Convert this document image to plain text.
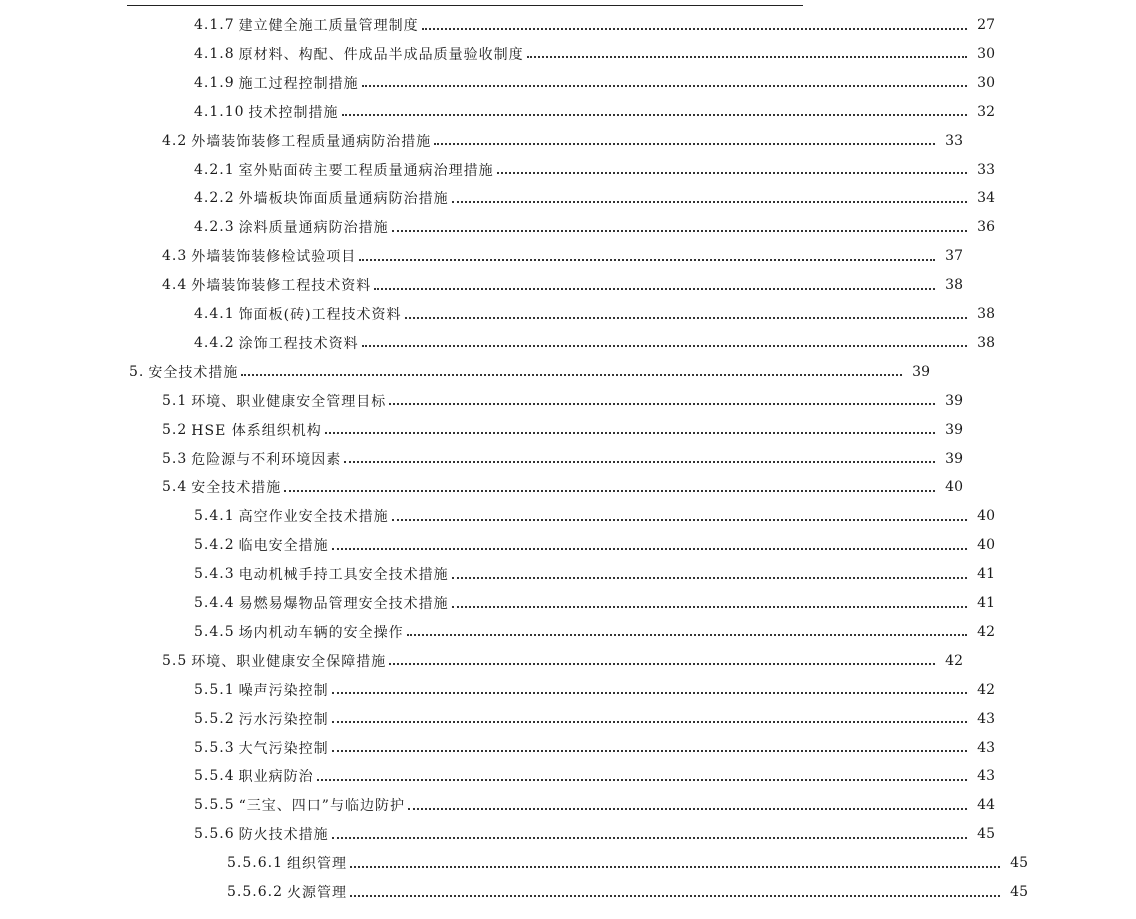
4.1.7 建立健全施工质量管理制度	27
4.1.8 原材料、构配、件成品半成品质量验收制度	30
4.1.9 施工过程控制措施	30
4.1.10 技术控制措施	32
4.2 外墙装饰装修工程质量通病防治措施	33
4.2.1 室外贴面砖主要工程质量通病治理措施	33
4.2.2 外墙板块饰面质量通病防治措施	34
4.2.3 涂料质量通病防治措施	36
4.3 外墙装饰装修检试验项目	37
4.4 外墙装饰装修工程技术资料	38
4.4.1 饰面板(砖)工程技术资料	38
4.4.2 涂饰工程技术资料	38
5. 安全技术措施	39
5.1 环境、职业健康安全管理目标	39
5.2 HSE 体系组织机构	39
5.3 危险源与不利环境因素	39
5.4 安全技术措施	40
5.4.1 高空作业安全技术措施	40
5.4.2 临电安全措施	40
5.4.3 电动机械手持工具安全技术措施	41
5.4.4 易燃易爆物品管理安全技术措施	41
5.4.5 场内机动车辆的安全操作	42
5.5 环境、职业健康安全保障措施	42
5.5.1 噪声污染控制	42
5.5.2 污水污染控制	43
5.5.3 大气污染控制	43
5.5.4 职业病防治	43
5.5.5 “三宝、四口”与临边防护	44
5.5.6 防火技术措施	45
5.5.6.1 组织管理	45
5.5.6.2 火源管理	45
